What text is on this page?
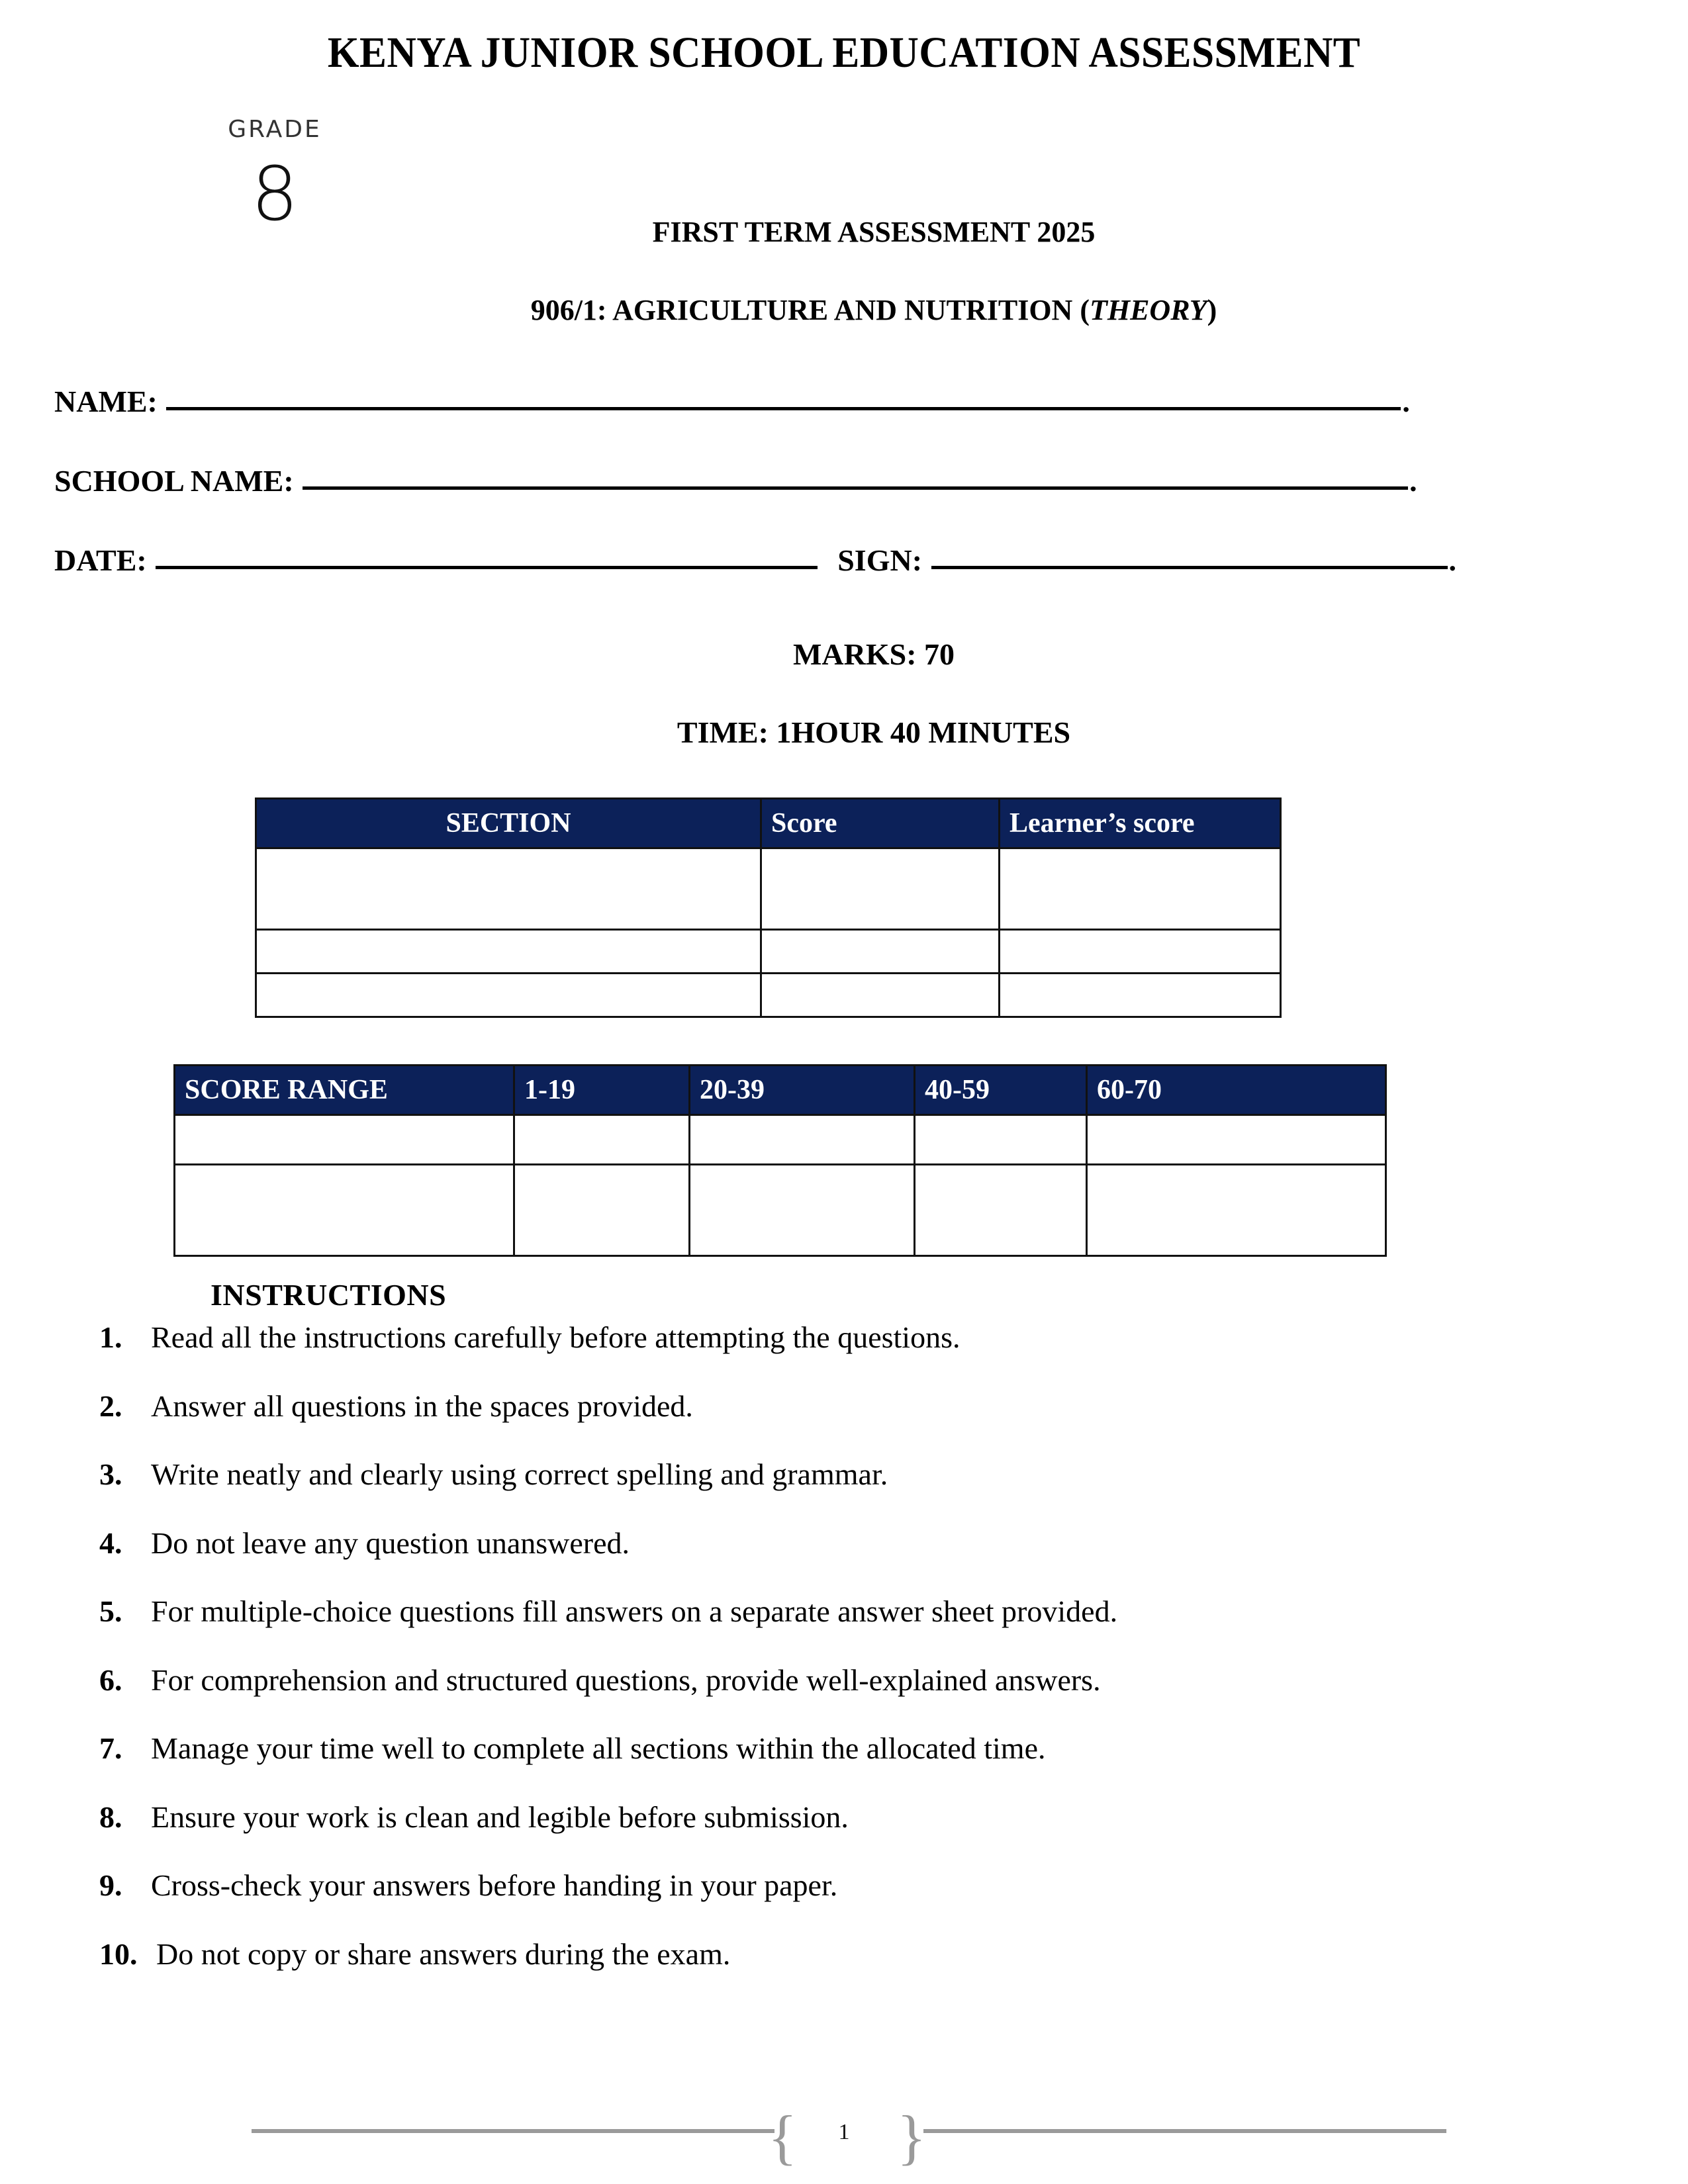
KENYA JUNIOR SCHOOL EDUCATION ASSESSMENT
GRADE
8	FIRST TERM ASSESSMENT 2025
906/1: AGRICULTURE AND NUTRITION (THEORY)
NAME:	.
SCHOOL NAME:	.
DATE:	SIGN:	.
MARKS: 70
TIME: 1HOUR 40 MINUTES
SECTION	Score	Learner’s score

SCORE RANGE	1-19	20-39	40-59	60-70

INSTRUCTIONS
1. Read all the instructions carefully before attempting the questions.
2. Answer all questions in the spaces provided.
3. Write neatly and clearly using correct spelling and grammar.
4. Do not leave any question unanswered.
5. For multiple-choice questions fill answers on a separate answer sheet provided.
6. For comprehension and structured questions, provide well-explained answers.
7. Manage your time well to complete all sections within the allocated time.
8. Ensure your work is clean and legible before submission.
9. Cross-check your answers before handing in your paper.
10. Do not copy or share answers during the exam.
{ }
1
